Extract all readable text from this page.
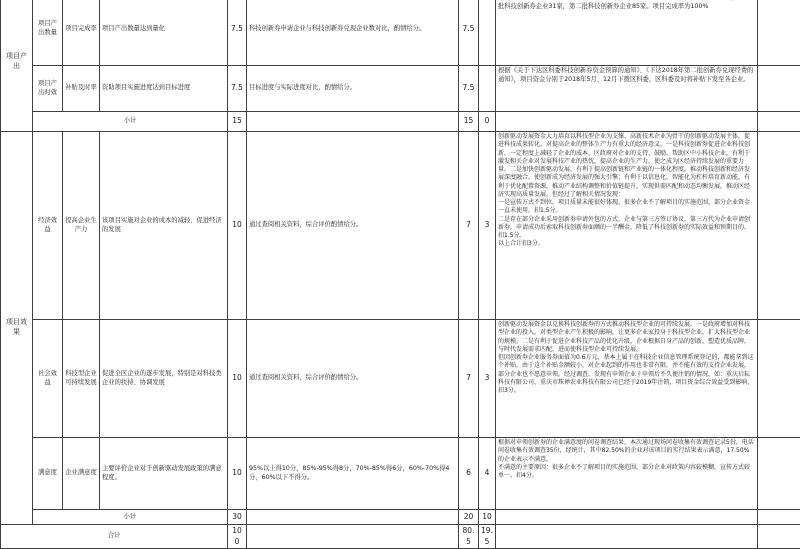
项目产出	项目产出数量	项目完成率	项目产出数量达到量化	7.5	科技创新券申请企业与科技创新券兑现企业数对比，酌情给分。	7.5		批科技创新券企业31家，第二批科技创新券企业85家。项目完成率为100%	
	项目产出时效	补贴及时率	资助项目实施进度达到目标进度	7.5	目标进度与实际进度对比，酌情给分。	7.5		根据《关于下达区科委科技创新券资金预算的通知》、《下达2018年第二批创新券兑现经费的通知》，项目资金分别于2018年5月、12月下拨区科委，区科委及时将补贴下发至各企业。	
	小计			15		15	0		
项目效果	经济效益	提高企业生产力	该项目实施对企业的成本的减轻、促进经济的发展	10	通过查阅相关资料，综合评价酌情给分。	7	3	创新驱动发展资金大力培育以科技型企业为支撑、高新技术企业为骨干的创新驱动发展主体，促进科技成果转化，对提高企业的整体生产力有重大的经济意义。一是科技创新券促进企业科技创新，一定程度上减轻了企业的成本，区政府对企业的支持、鼓励，帮助区中小科技企业，有利于激发相关企业对发展科技产业的热忱，提高企业的生产力，使之成为区经济持续发展的重要力量。二是加快创新驱动发展，有利于提高创新链和产业链的一体化程度，推动科技创新和经济发展深度融合，使创新成为经济发展的强大引擎；有利于以信息化、智能化为杠杆培育新动能，有利于优化配置资源，推动产业结构调整和价值链提升，实现供需匹配和动态均衡发展，推动区经济实现高质量发展。但经过了解相关情况发现：
一是宣传方式不到位，项目质量未能很好体现，很多企业不了解项目的实施范围，部分企业资金一直未使用，扣1.5分。
二是存在部分企业采用创新券申请外包的方式，企业与第三方签订协议，第三方代为企业申请创新券，申请成功后索取科技创新券面额的一半酬金，降低了科技创新券的实际效益和预期目的，扣1.5分。
以上合计扣3分。	
	社会效益	科技型企业可持续发展	促进全区企业的逐步发展，特别是对科技类企业的扶持、协调发展	10	通过查阅相关资料，综合评价酌情给分。	7	3	创新驱动发展资金以兑换科技创新券的方式推动科技型企业的可持续发展。一是政府增加对科技型企业的投入，对类型企业产生积极的影响，让更多企业家投身于科技型企业，扩大科技型企业的规模。二是有利于促进企业科技产品的优化升级，企业根据自身产品的创新，塑造优质品牌，与时代发展需求匹配，进而使科技型企业可持续发展。
但因创新券企业服务券面值为0.6万元，基本上属于在科技企业信息管理系统登记的，都能拿到这个补贴，由于这个补贴金额较小，对企业起到的作用也非常有限，并不能有效的支持企业发展，部分企业也不愿意申领。经过调查，发现有申领企业于申领后不久便注销的情况，如：重庆启耘科技有限公司、重庆市珠禅农业科技有限公司已经于2019年注销，项目资金综合效益受到影响，扣3分。	
	满意度	企业满意度	主要评价企业对于创新驱动发展政策的满意程度。	10	95%以上得10分，85%-95%得8分，70%-85%得6分，60%-70%得4分，60%以下不得分。	6	4	根据对申领创新券的企业满意度的问卷调查结果，本次通过现场问卷收集有效调查记录5份，电话问卷收集有效调查35份，经统计，其中82.50%的企业对该项目的实行结果表示满意，17.50%的企业表示不满意。
不满意的主要原因：很多企业不了解项目的实施范围，部分企业对政策内容较模糊，宣传方式较单一。扣4分。	
	小计			30		20	10		
合计				100		80.5	19.5		
